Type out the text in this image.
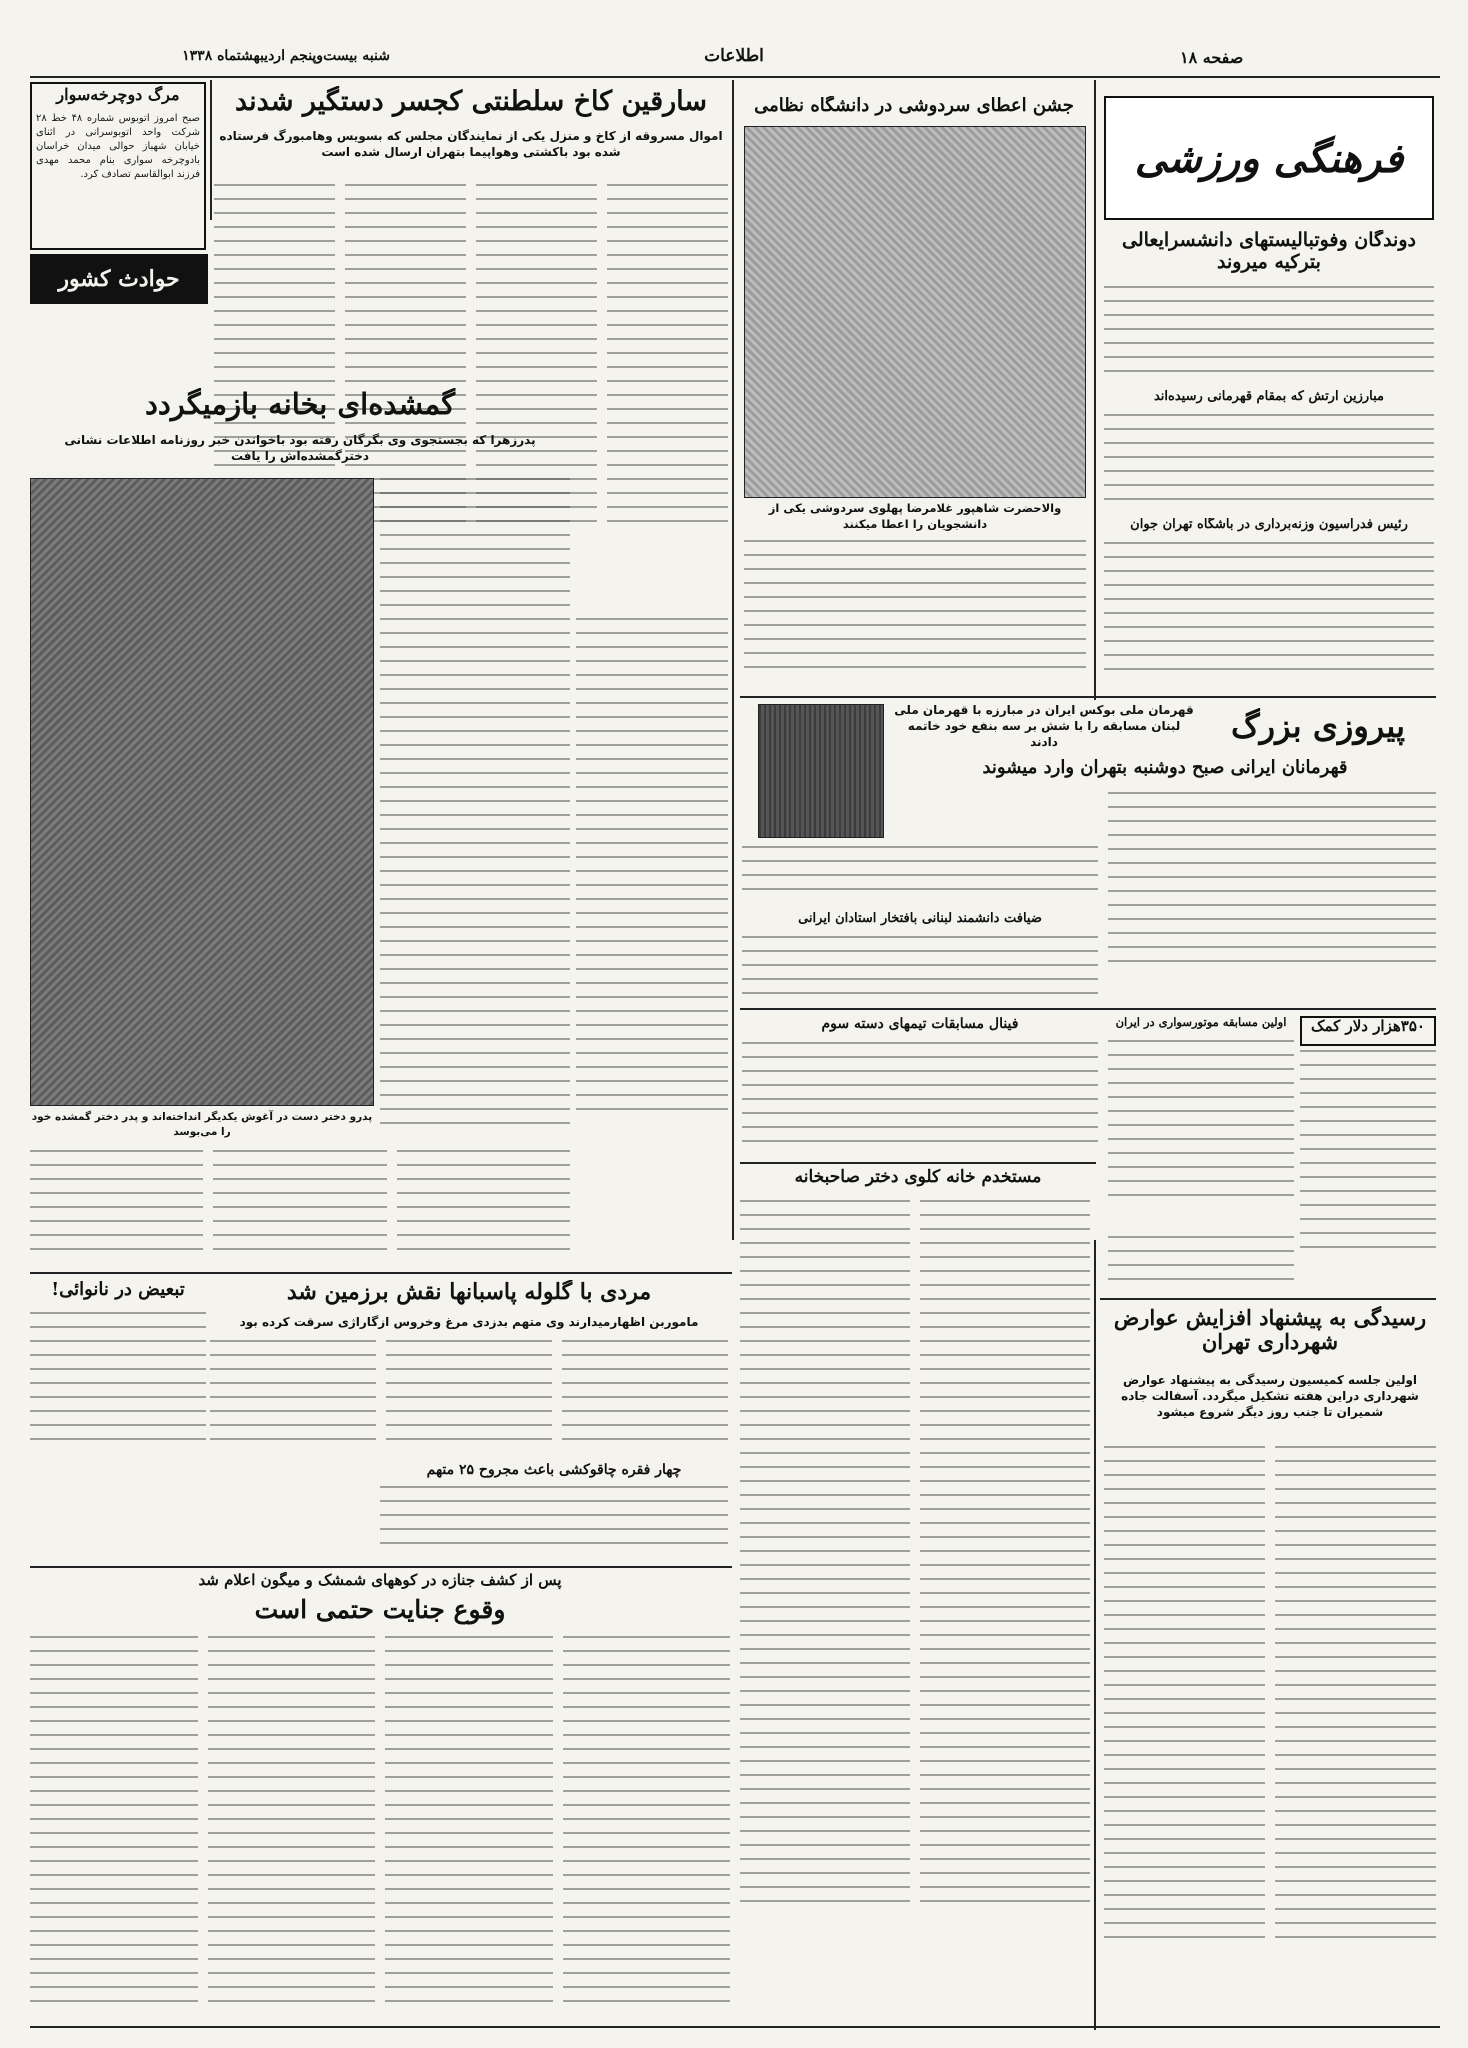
صفحه ۱۸
اطلاعات
شنبه بیست‌وپنجم اردیبهشتماه ۱۳۳۸
فرهنگی ورزشی
دوندگان وفوتبالیستهای دانشسرایعالی بترکیه میروند
مبارزین ارتش که بمقام قهرمانی رسیده‌اند
رئیس فدراسیون وزنه‌برداری در باشگاه تهران جوان
جشن اعطای سردوشی در دانشگاه نظامی
والاحضرت شاهپور غلامرضا پهلوی سردوشی یکی از دانشجویان را اعطا میکنند
قهرمان ملی بوکس ایران در مبارزه با قهرمان ملی لبنان مسابقه را با شش بر سه بنفع خود خاتمه دادند	پیروزی بزرگ
قهرمانان ایرانی صبح دوشنبه بتهران وارد میشوند
ضیافت دانشمند لبنانی بافتخار استادان ایرانی
۳۵۰هزار دلار کمک
اولین مسابقه موتورسواری در ایران
فینال مسابقات تیمهای دسته سوم
مرگ دوچرخه‌سوار
صبح امروز اتوبوس شماره ۴۸ خط ۲۸ شرکت واحد اتوبوسرانی در اثنای خیابان شهباز حوالی میدان خراسان بادوچرخه سواری بنام محمد مهدی فرزند ابوالقاسم تصادف کرد.
سارقین کاخ سلطنتی کجسر دستگیر شدند
اموال مسروقه از کاخ و منزل یکی از نمایندگان مجلس که بسویس وهامبورگ فرستاده شده بود باکشتی وهواپیما بتهران ارسال شده است
حوادث کشور
گمشده‌ای بخانه بازمیگردد
پدرزهرا که بجستجوی وی بگرگان رفته بود باخواندن خبر روزنامه اطلاعات نشانی دخترگمشده‌اش را یافت
پدرو دختر دست در آغوش یکدیگر انداخته‌اند و پدر دختر گمشده خود را می‌بوسد
مردی با گلوله پاسبانها نقش برزمین شد
ماموربن اظهارمیدارند وی متهم بدزدی مرغ وخروس ازگاراژی سرقت کرده بود
تبعیض در نانوائی!
چهار فقره چاقوکشی باعث مجروح ۲۵ متهم
پس از کشف جنازه در کوههای شمشک و میگون اعلام شد
وقوع جنایت حتمی است
مستخدم خانه کلوی دختر صاحبخانه
رسیدگی به پیشنهاد افزایش عوارض شهرداری تهران
اولین جلسه کمیسیون رسیدگی به پیشنهاد عوارض شهرداری دراین هفته تشکیل میگردد. آسفالت جاده شمیران تا جنب روز دیگر شروع میشود
